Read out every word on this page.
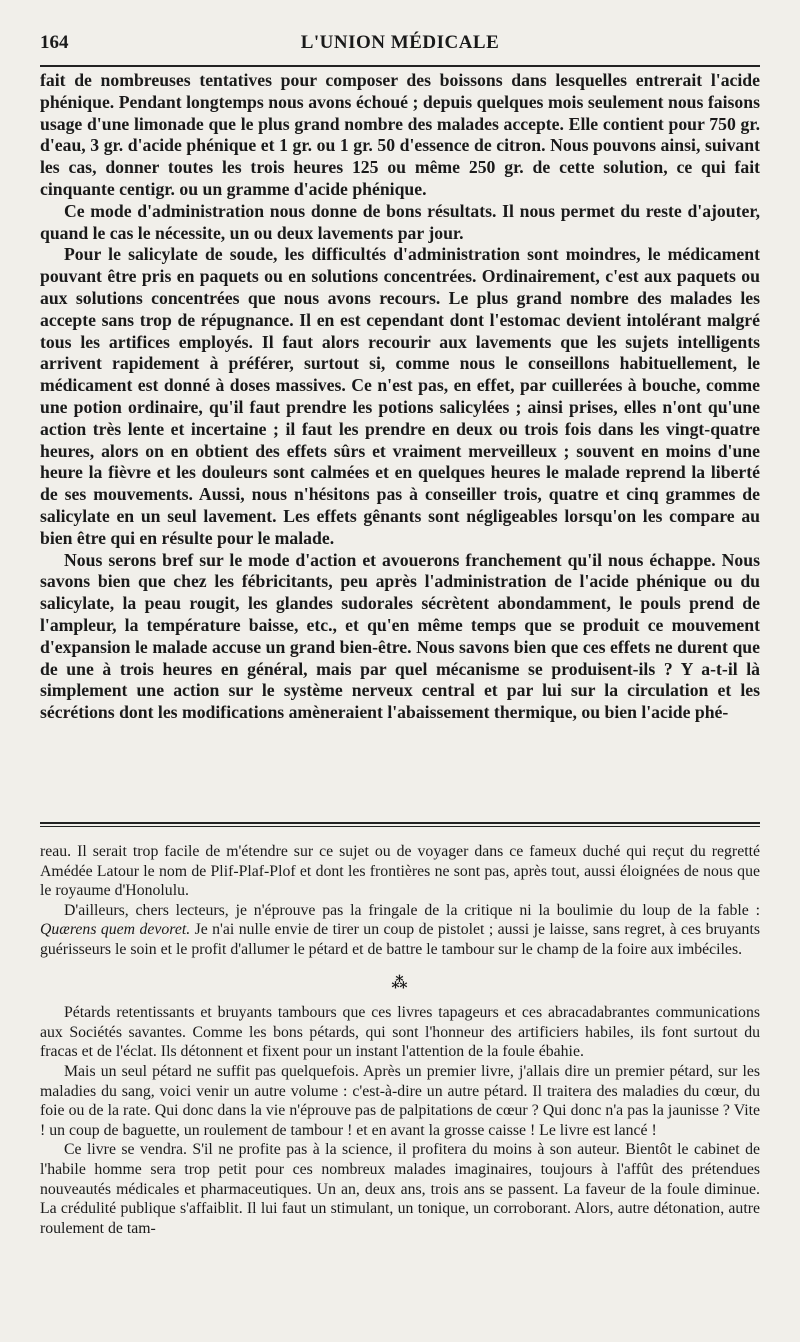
164	L'UNION MÉDICALE

fait de nombreuses tentatives pour composer des boissons dans lesquelles entrerait l'acide phénique. Pendant longtemps nous avons échoué ; depuis quelques mois seulement nous faisons usage d'une limonade que le plus grand nombre des malades accepte. Elle contient pour 750 gr. d'eau, 3 gr. d'acide phénique et 1 gr. ou 1 gr. 50 d'essence de citron. Nous pouvons ainsi, suivant les cas, donner toutes les trois heures 125 ou même 250 gr. de cette solution, ce qui fait cinquante centigr. ou un gramme d'acide phénique.

Ce mode d'administration nous donne de bons résultats. Il nous permet du reste d'ajouter, quand le cas le nécessite, un ou deux lavements par jour.

Pour le salicylate de soude, les difficultés d'administration sont moindres, le médicament pouvant être pris en paquets ou en solutions concentrées. Ordinairement, c'est aux paquets ou aux solutions concentrées que nous avons recours. Le plus grand nombre des malades les accepte sans trop de répugnance. Il en est cependant dont l'estomac devient intolérant malgré tous les artifices employés. Il faut alors recourir aux lavements que les sujets intelligents arrivent rapidement à préférer, surtout si, comme nous le conseillons habituellement, le médicament est donné à doses massives. Ce n'est pas, en effet, par cuillerées à bouche, comme une potion ordinaire, qu'il faut prendre les potions salicylées ; ainsi prises, elles n'ont qu'une action très lente et incertaine ; il faut les prendre en deux ou trois fois dans les vingt-quatre heures, alors on en obtient des effets sûrs et vraiment merveilleux ; souvent en moins d'une heure la fièvre et les douleurs sont calmées et en quelques heures le malade reprend la liberté de ses mouvements. Aussi, nous n'hésitons pas à conseiller trois, quatre et cinq grammes de salicylate en un seul lavement. Les effets gênants sont négligeables lorsqu'on les compare au bien être qui en résulte pour le malade.

Nous serons bref sur le mode d'action et avouerons franchement qu'il nous échappe. Nous savons bien que chez les fébricitants, peu après l'administration de l'acide phénique ou du salicylate, la peau rougit, les glandes sudorales sécrètent abondamment, le pouls prend de l'ampleur, la température baisse, etc., et qu'en même temps que se produit ce mouvement d'expansion le malade accuse un grand bien-être. Nous savons bien que ces effets ne durent que de une à trois heures en général, mais par quel mécanisme se produisent-ils ? Y a-t-il là simplement une action sur le système nerveux central et par lui sur la circulation et les sécrétions dont les modifications amèneraient l'abaissement thermique, ou bien l'acide phé-

reau. Il serait trop facile de m'étendre sur ce sujet ou de voyager dans ce fameux duché qui reçut du regretté Amédée Latour le nom de Plif-Plaf-Plof et dont les frontières ne sont pas, après tout, aussi éloignées de nous que le royaume d'Honolulu.

D'ailleurs, chers lecteurs, je n'éprouve pas la fringale de la critique ni la boulimie du loup de la fable : Quærens quem devoret. Je n'ai nulle envie de tirer un coup de pistolet ; aussi je laisse, sans regret, à ces bruyants guérisseurs le soin et le profit d'allumer le pétard et de battre le tambour sur le champ de la foire aux imbéciles.

⁂

Pétards retentissants et bruyants tambours que ces livres tapageurs et ces abracadabrantes communications aux Sociétés savantes. Comme les bons pétards, qui sont l'honneur des artificiers habiles, ils font surtout du fracas et de l'éclat. Ils détonnent et fixent pour un instant l'attention de la foule ébahie.

Mais un seul pétard ne suffit pas quelquefois. Après un premier livre, j'allais dire un premier pétard, sur les maladies du sang, voici venir un autre volume : c'est-à-dire un autre pétard. Il traitera des maladies du cœur, du foie ou de la rate. Qui donc dans la vie n'éprouve pas de palpitations de cœur ? Qui donc n'a pas la jaunisse ? Vite ! un coup de baguette, un roulement de tambour ! et en avant la grosse caisse ! Le livre est lancé !

Ce livre se vendra. S'il ne profite pas à la science, il profitera du moins à son auteur. Bientôt le cabinet de l'habile homme sera trop petit pour ces nombreux malades imaginaires, toujours à l'affût des prétendues nouveautés médicales et pharmaceutiques. Un an, deux ans, trois ans se passent. La faveur de la foule diminue. La crédulité publique s'affaiblit. Il lui faut un stimulant, un tonique, un corroborant. Alors, autre détonation, autre roulement de tam-
